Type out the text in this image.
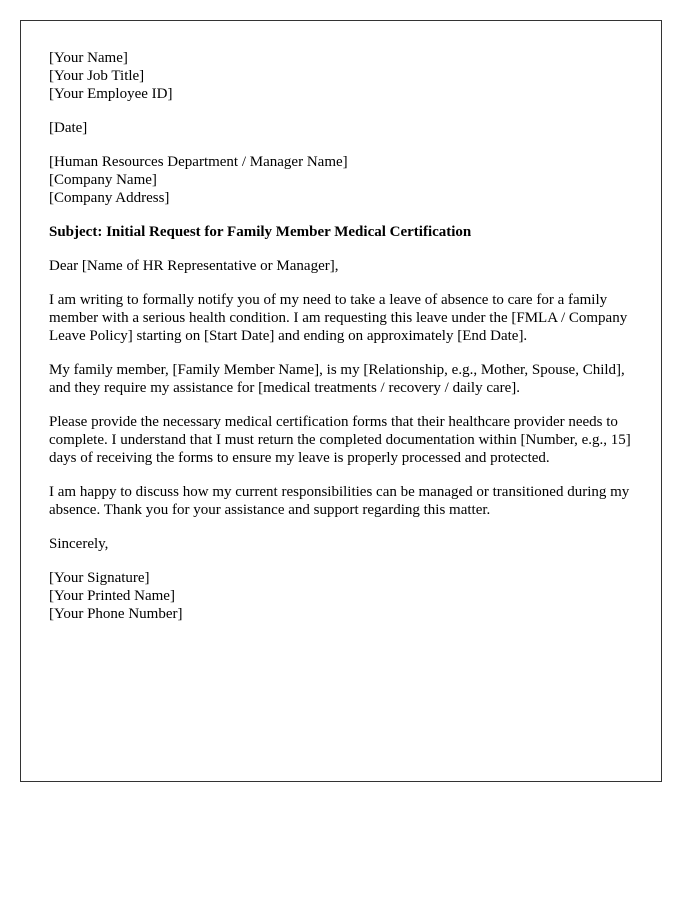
[Your Name]
[Your Job Title]
[Your Employee ID]

[Date]

[Human Resources Department / Manager Name]
[Company Name]
[Company Address]

Subject: Initial Request for Family Member Medical Certification

Dear [Name of HR Representative or Manager],

I am writing to formally notify you of my need to take a leave of absence to care for a family member with a serious health condition. I am requesting this leave under the [FMLA / Company Leave Policy] starting on [Start Date] and ending on approximately [End Date].

My family member, [Family Member Name], is my [Relationship, e.g., Mother, Spouse, Child], and they require my assistance for [medical treatments / recovery / daily care].

Please provide the necessary medical certification forms that their healthcare provider needs to complete. I understand that I must return the completed documentation within [Number, e.g., 15] days of receiving the forms to ensure my leave is properly processed and protected.

I am happy to discuss how my current responsibilities can be managed or transitioned during my absence. Thank you for your assistance and support regarding this matter.

Sincerely,

[Your Signature]
[Your Printed Name]
[Your Phone Number]
